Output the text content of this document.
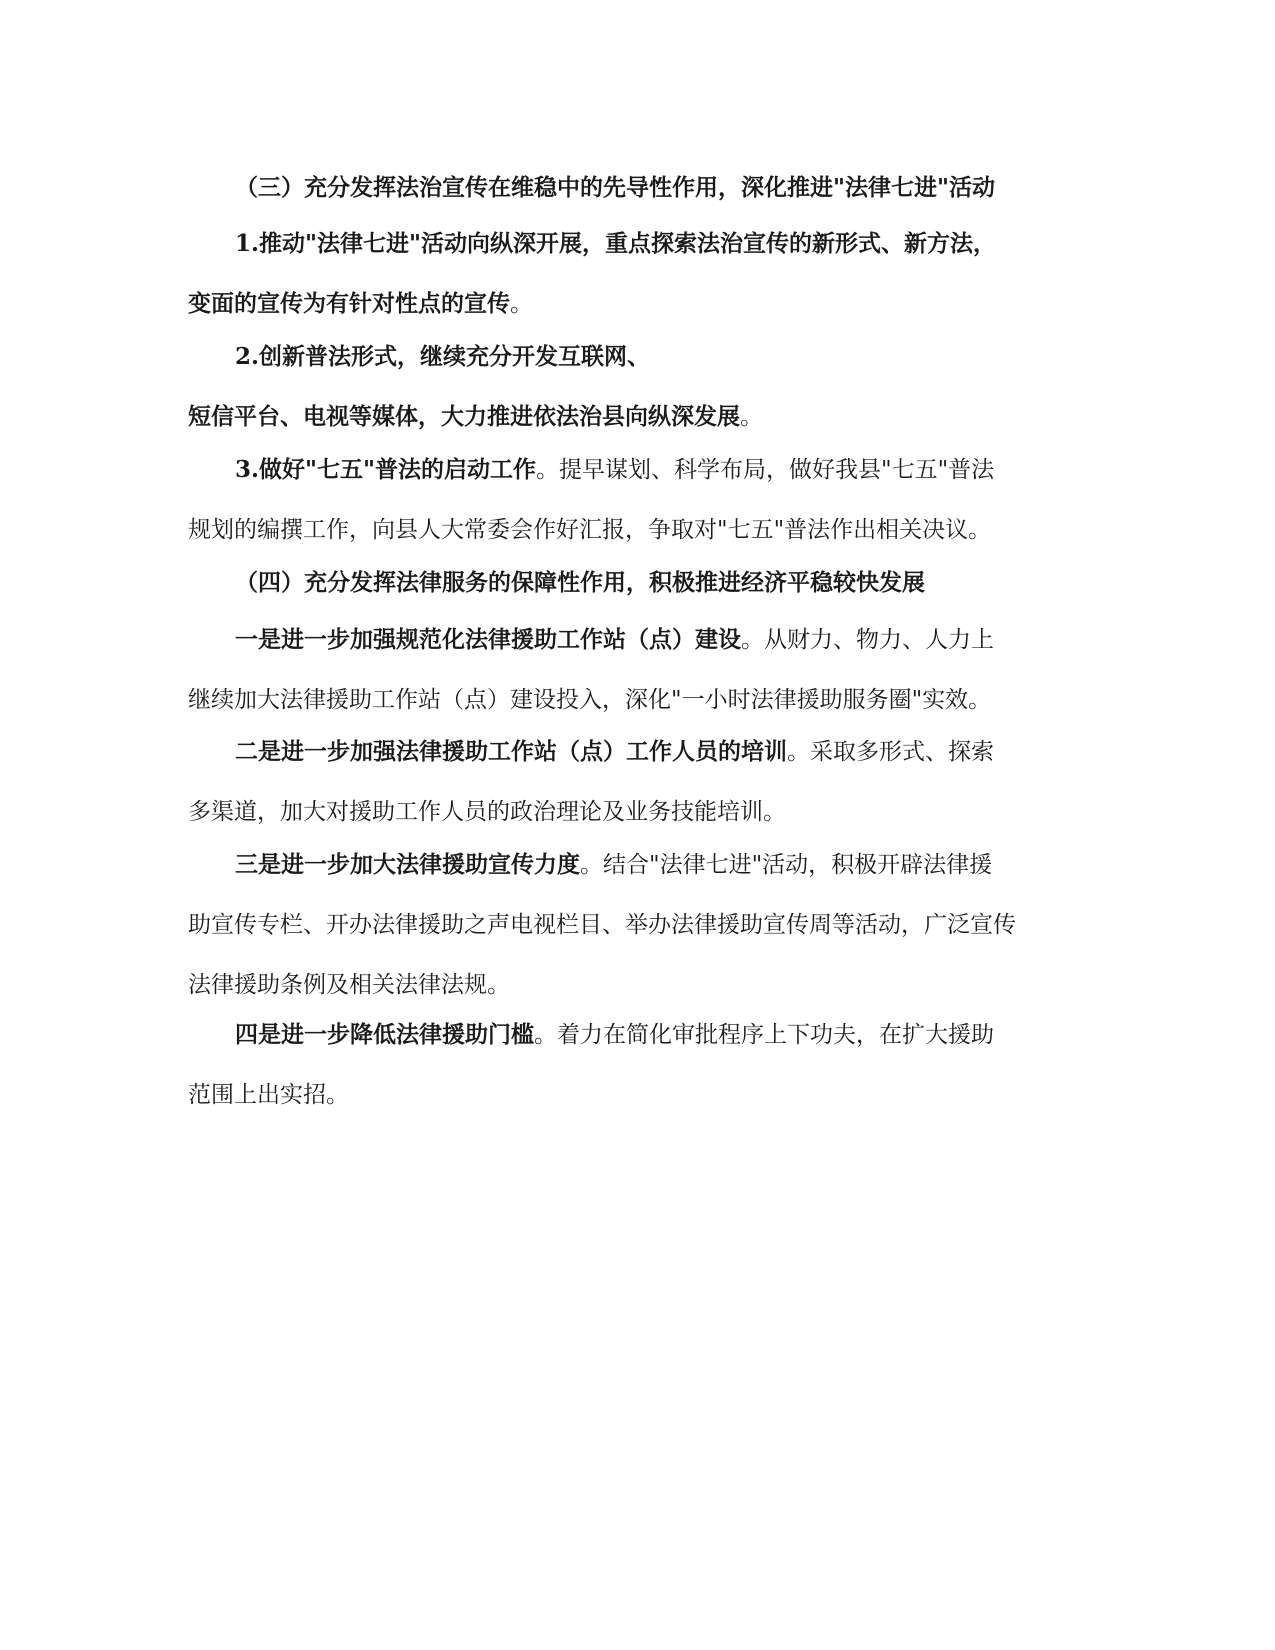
（三）充分发挥法治宣传在维稳中的先导性作用，深化推进"法律七进"活动

1.推动"法律七进"活动向纵深开展，重点探索法治宣传的新形式、新方法，
变面的宣传为有针对性点的宣传。

2.创新普法形式，继续充分开发互联网、
短信平台、电视等媒体，大力推进依法治县向纵深发展。

3.做好"七五"普法的启动工作。提早谋划、科学布局，做好我县"七五"普法
规划的编撰工作，向县人大常委会作好汇报，争取对"七五"普法作出相关决议。

（四）充分发挥法律服务的保障性作用，积极推进经济平稳较快发展

一是进一步加强规范化法律援助工作站（点）建设。从财力、物力、人力上
继续加大法律援助工作站（点）建设投入，深化"一小时法律援助服务圈"实效。

二是进一步加强法律援助工作站（点）工作人员的培训。采取多形式、探索
多渠道，加大对援助工作人员的政治理论及业务技能培训。

三是进一步加大法律援助宣传力度。结合"法律七进"活动，积极开辟法律援
助宣传专栏、开办法律援助之声电视栏目、举办法律援助宣传周等活动，广泛宣传
法律援助条例及相关法律法规。

四是进一步降低法律援助门槛。着力在简化审批程序上下功夫，在扩大援助
范围上出实招。
